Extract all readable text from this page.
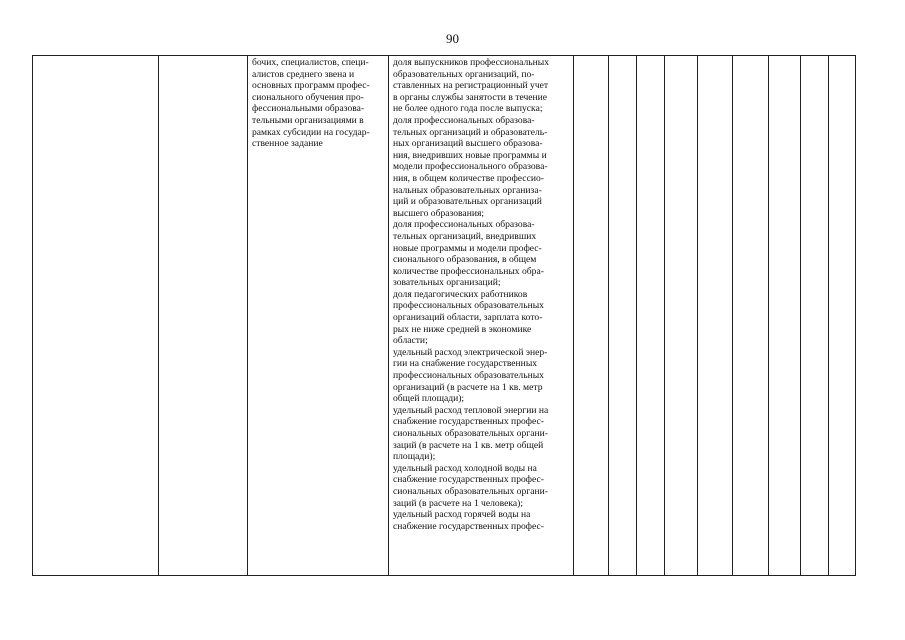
90

бочих, специалистов, специ-
алистов среднего звена и
основных программ профес-
сионального обучения про-
фессиональными образова-
тельными организациями в
рамках субсидии на государ-
ственное задание

доля выпускников профессиональных
образовательных организаций, по-
ставленных на регистрационный учет
в органы службы занятости в течение
не более одного года после выпуска;
доля профессиональных образова-
тельных организаций и образователь-
ных организаций высшего образова-
ния, внедривших новые программы и
модели профессионального образова-
ния, в общем количестве профессио-
нальных образовательных организа-
ций и образовательных организаций
высшего образования;
доля профессиональных образова-
тельных организаций, внедривших
новые программы и модели профес-
сионального образования, в общем
количестве профессиональных обра-
зовательных организаций;
доля педагогических работников
профессиональных образовательных
организаций области, зарплата кото-
рых не ниже средней в экономике
области;
удельный расход электрической энер-
гии на снабжение государственных
профессиональных образовательных
организаций (в расчете на 1 кв. метр
общей площади);
удельный расход тепловой энергии на
снабжение государственных профес-
сиональных образовательных органи-
заций (в расчете на 1 кв. метр общей
площади);
удельный расход холодной воды на
снабжение государственных профес-
сиональных образовательных органи-
заций (в расчете на 1 человека);
удельный расход горячей воды на
снабжение государственных профес-
